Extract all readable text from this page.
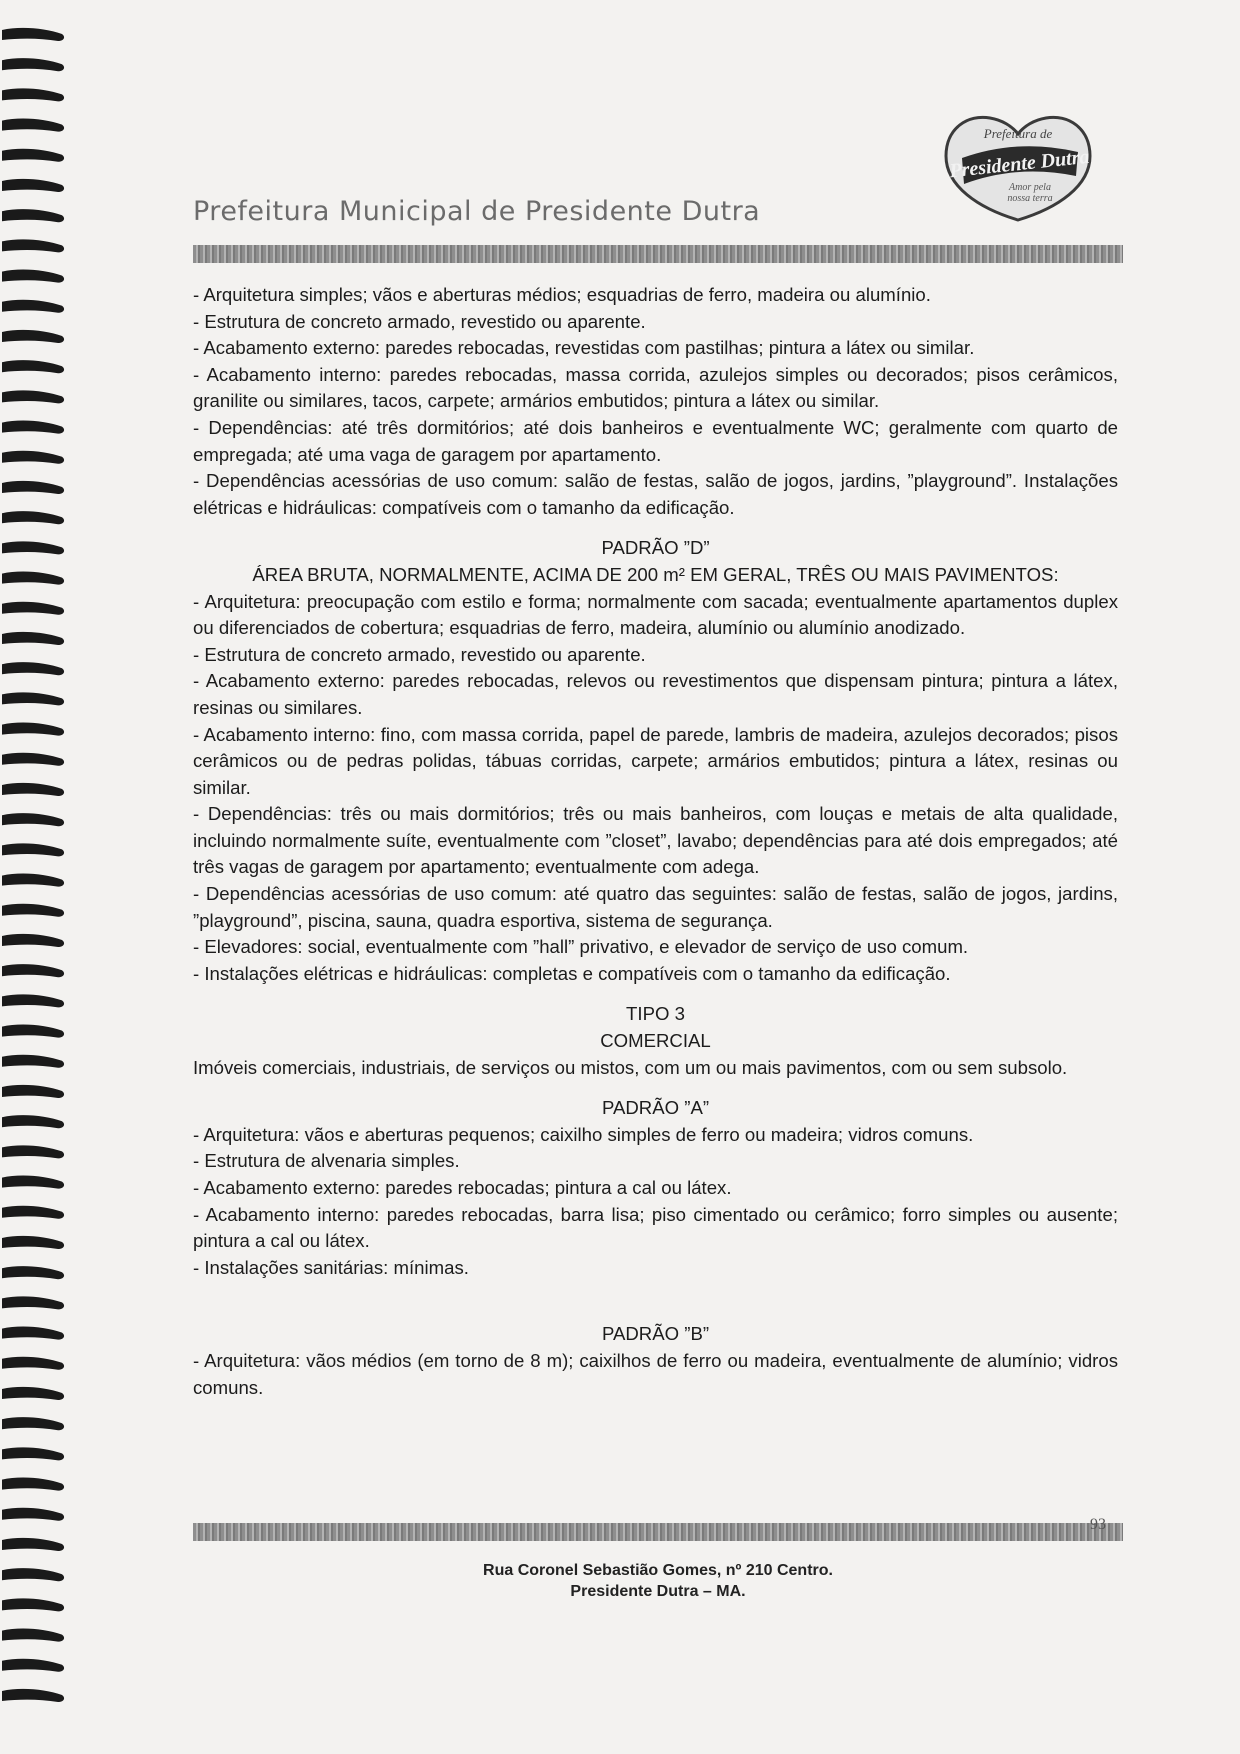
Prefeitura Municipal de Presidente Dutra
Prefeitura de
Presidente Dutra
Amor pela
nossa terra

- Arquitetura simples; vãos e aberturas médios; esquadrias de ferro, madeira ou alumínio.

- Estrutura de concreto armado, revestido ou aparente.

- Acabamento externo: paredes rebocadas, revestidas com pastilhas; pintura a látex ou similar.

- Acabamento interno: paredes rebocadas, massa corrida, azulejos simples ou decorados; pisos cerâmicos, granilite ou similares, tacos, carpete; armários embutidos; pintura a látex ou similar.

- Dependências: até três dormitórios; até dois banheiros e eventualmente WC; geralmente com quarto de empregada; até uma vaga de garagem por apartamento.

- Dependências acessórias de uso comum: salão de festas, salão de jogos, jardins, ”playground”. Instalações elétricas e hidráulicas: compatíveis com o tamanho da edificação.

PADRÃO ”D”

ÁREA BRUTA, NORMALMENTE, ACIMA DE 200 m² EM GERAL, TRÊS OU MAIS PAVIMENTOS:

- Arquitetura: preocupação com estilo e forma; normalmente com sacada; eventualmente apartamentos duplex ou diferenciados de cobertura; esquadrias de ferro, madeira, alumínio ou alumínio anodizado.

- Estrutura de concreto armado, revestido ou aparente.

- Acabamento externo: paredes rebocadas, relevos ou revestimentos que dispensam pintura; pintura a látex, resinas ou similares.

- Acabamento interno: fino, com massa corrida, papel de parede, lambris de madeira, azulejos decorados; pisos cerâmicos ou de pedras polidas, tábuas corridas, carpete; armários embutidos; pintura a látex, resinas ou similar.

- Dependências: três ou mais dormitórios; três ou mais banheiros, com louças e metais de alta qualidade, incluindo normalmente suíte, eventualmente com ”closet”, lavabo; dependências para até dois empregados; até três vagas de garagem por apartamento; eventualmente com adega.

- Dependências acessórias de uso comum: até quatro das seguintes: salão de festas, salão de jogos, jardins, ”playground”, piscina, sauna, quadra esportiva, sistema de segurança.

- Elevadores: social, eventualmente com ”hall” privativo, e elevador de serviço de uso comum.

- Instalações elétricas e hidráulicas: completas e compatíveis com o tamanho da edificação.

TIPO 3

COMERCIAL

Imóveis comerciais, industriais, de serviços ou mistos, com um ou mais pavimentos, com ou sem subsolo.

PADRÃO ”A”

- Arquitetura: vãos e aberturas pequenos; caixilho simples de ferro ou madeira; vidros comuns.

- Estrutura de alvenaria simples.

- Acabamento externo: paredes rebocadas; pintura a cal ou látex.

- Acabamento interno: paredes rebocadas, barra lisa; piso cimentado ou cerâmico; forro simples ou ausente; pintura a cal ou látex.

- Instalações sanitárias: mínimas.

PADRÃO ”B”

- Arquitetura: vãos médios (em torno de 8 m); caixilhos de ferro ou madeira, eventualmente de alumínio; vidros comuns.

93
Rua Coronel Sebastião Gomes, nº 210 Centro.
Presidente Dutra – MA.
